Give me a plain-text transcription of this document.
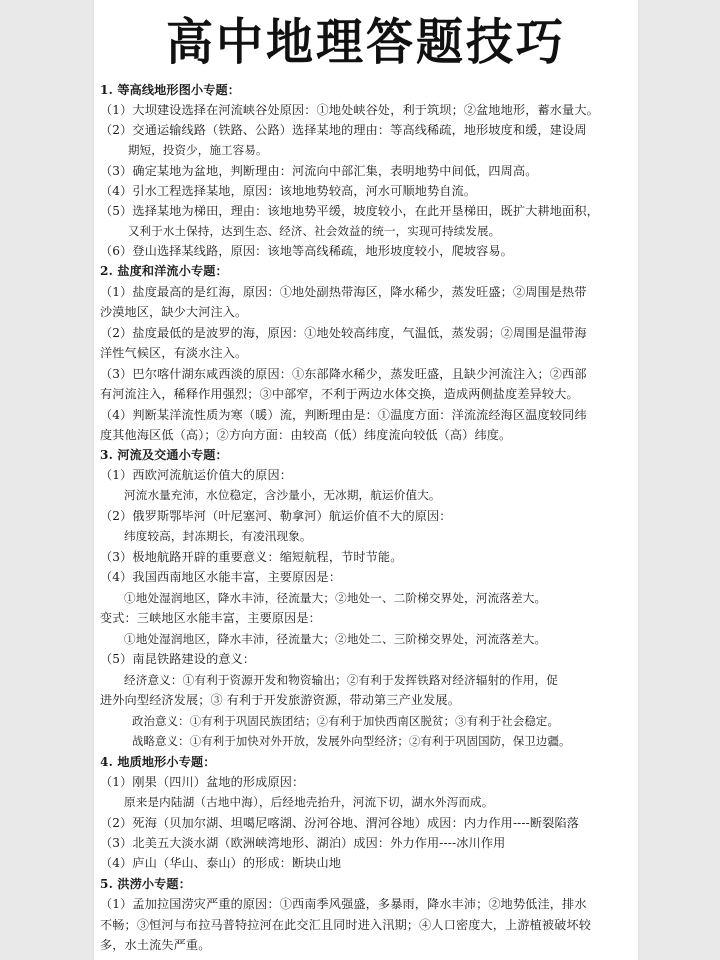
高中地理答题技巧
1. 等高线地形图小专题：
（1）大坝建设选择在河流峡谷处原因：①地处峡谷处，利于筑坝；②盆地地形，蓄水量大。
（2）交通运输线路（铁路、公路）选择某地的理由：等高线稀疏，地形坡度和缓，建设周
期短，投资少，施工容易。
（3）确定某地为盆地，判断理由：河流向中部汇集，表明地势中间低，四周高。
（4）引水工程选择某地，原因：该地地势较高，河水可顺地势自流。
（5）选择某地为梯田，理由：该地地势平缓，坡度较小，在此开垦梯田，既扩大耕地面积，
又利于水土保持，达到生态、经济、社会效益的统一，实现可持续发展。
（6）登山选择某线路，原因：该地等高线稀疏，地形坡度较小，爬坡容易。
2. 盐度和洋流小专题：
（1）盐度最高的是红海，原因：①地处副热带海区，降水稀少，蒸发旺盛；②周围是热带
沙漠地区，缺少大河注入。
（2）盐度最低的是波罗的海，原因：①地处较高纬度，气温低，蒸发弱；②周围是温带海
洋性气候区，有淡水注入。
（3）巴尔喀什湖东咸西淡的原因：①东部降水稀少，蒸发旺盛，且缺少河流注入；②西部
有河流注入，稀释作用强烈；③中部窄，不利于两边水体交换，造成两侧盐度差异较大。
（4）判断某洋流性质为寒（暖）流，判断理由是：①温度方面：洋流流经海区温度较同纬
度其他海区低（高）；②方向方面：由较高（低）纬度流向较低（高）纬度。
3. 河流及交通小专题：
（1）西欧河流航运价值大的原因：
河流水量充沛，水位稳定，含沙量小，无冰期，航运价值大。
（2）俄罗斯鄂毕河（叶尼塞河、勒拿河）航运价值不大的原因：
纬度较高，封冻期长，有凌汛现象。
（3）极地航路开辟的重要意义：缩短航程，节时节能。
（4）我国西南地区水能丰富，主要原因是：
①地处湿润地区，降水丰沛，径流量大；②地处一、二阶梯交界处，河流落差大。
变式：三峡地区水能丰富，主要原因是：
①地处湿润地区，降水丰沛，径流量大；②地处二、三阶梯交界处，河流落差大。
（5）南昆铁路建设的意义：
经济意义：①有利于资源开发和物资输出；②有利于发挥铁路对经济辐射的作用，促
进外向型经济发展；③ 有利于开发旅游资源，带动第三产业发展。
政治意义：①有利于巩固民族团结；②有利于加快西南区脱贫；③有利于社会稳定。
战略意义：①有利于加快对外开放，发展外向型经济；②有利于巩固国防，保卫边疆。
4. 地质地形小专题：
（1）刚果（四川）盆地的形成原因：
原来是内陆湖（古地中海），后经地壳抬升，河流下切，湖水外泻而成。
（2）死海（贝加尔湖、坦噶尼喀湖、汾河谷地、渭河谷地）成因：内力作用----断裂陷落
（3）北美五大淡水湖（欧洲峡湾地形、湖泊）成因：外力作用----冰川作用
（4）庐山（华山、泰山）的形成：断块山地
5. 洪涝小专题：
（1）孟加拉国涝灾严重的原因：①西南季风强盛，多暴雨，降水丰沛；②地势低洼，排水
不畅；③恒河与布拉马普特拉河在此交汇且同时进入汛期；④人口密度大，上游植被破坏较
多，水土流失严重。
